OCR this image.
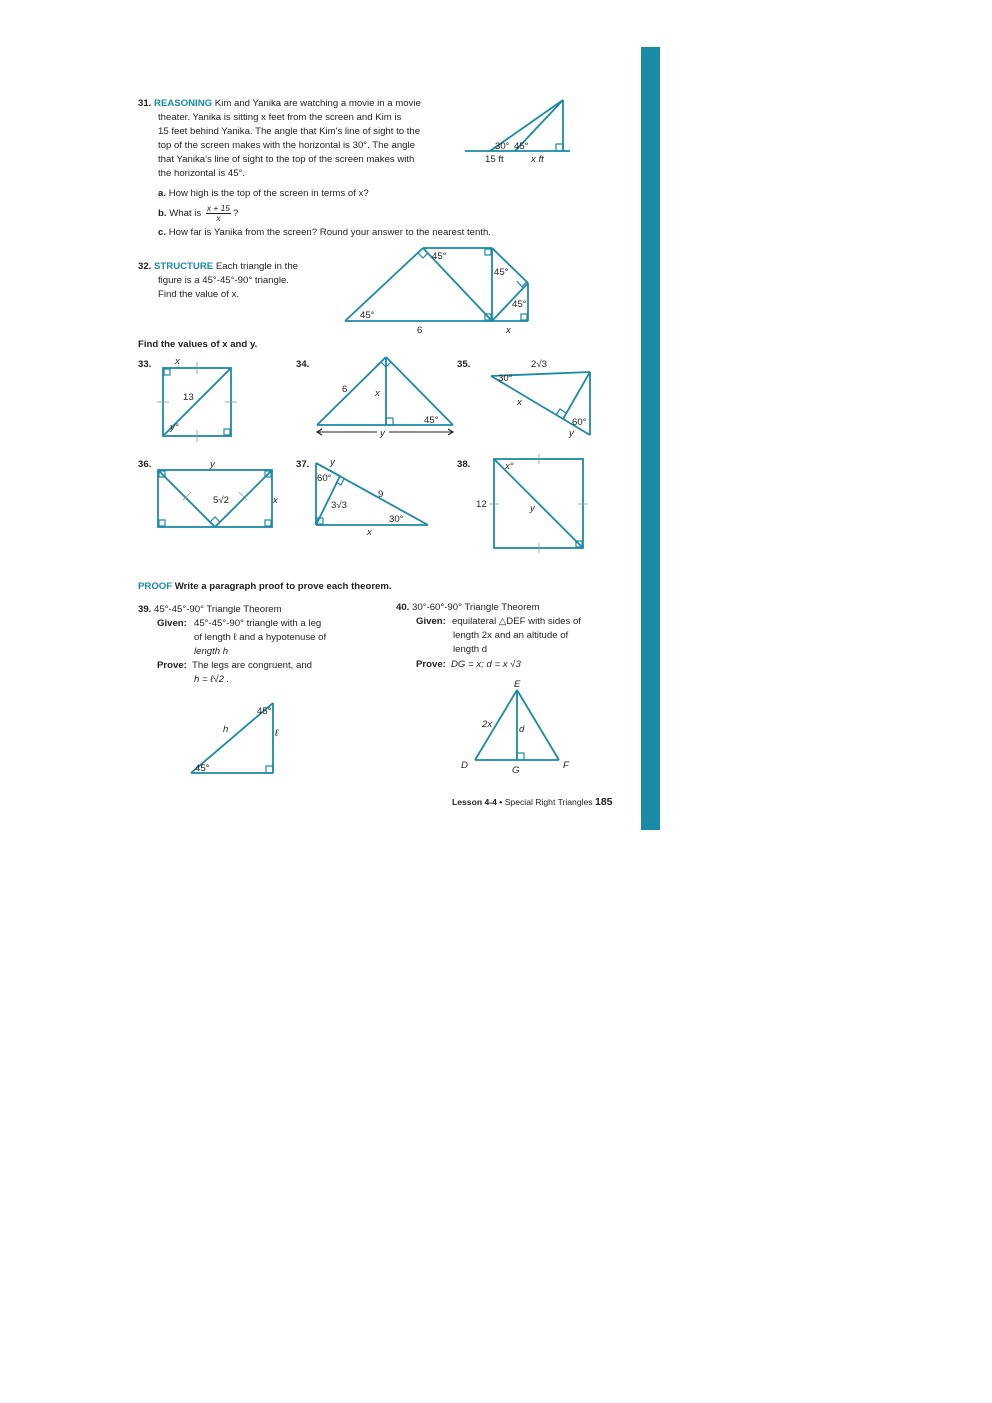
31. REASONING Kim and Yanika are watching a movie in a movie
theater. Yanika is sitting x feet from the screen and Kim is
15 feet behind Yanika. The angle that Kim's line of sight to the
top of the screen makes with the horizontal is 30°. The angle
that Yanika's line of sight to the top of the screen makes with
the horizontal is 45°.
a. How high is the top of the screen in terms of x?
b. What is $\frac{x + 15}{x}$ ?
c. How far is Yanika from the screen? Round your answer to the nearest tenth.
30° 45°
15 ft	x ft
32. STRUCTURE Each triangle in the
figure is a 45°-45°-90° triangle.
Find the value of x.
45°
45°
45°
45°
6	x
Find the values of x and y.
33. x
13
y°
34.
6	x
45°
y
35.	2√3
30°
x
60°
y
36.	y
5√2	x
37. y
60°
9
3√3
30°
x
38.	x°
12	y
PROOF Write a paragraph proof to prove each theorem.
39. 45°-45°-90° Triangle Theorem
Given: 45°-45°-90° triangle with a leg
of length ℓ and a hypotenuse of
length h
Prove: The legs are congruent, and
h = ℓ√2 .
45°
45°
h	ℓ
40. 30°-60°-90° Triangle Theorem
Given: equilateral △DEF with sides of
length 2x and an altitude of
length d
Prove: DG = x; d = x √3
E
D	F
G
2x	d
Lesson 4-4 • Special Right Triangles 185
